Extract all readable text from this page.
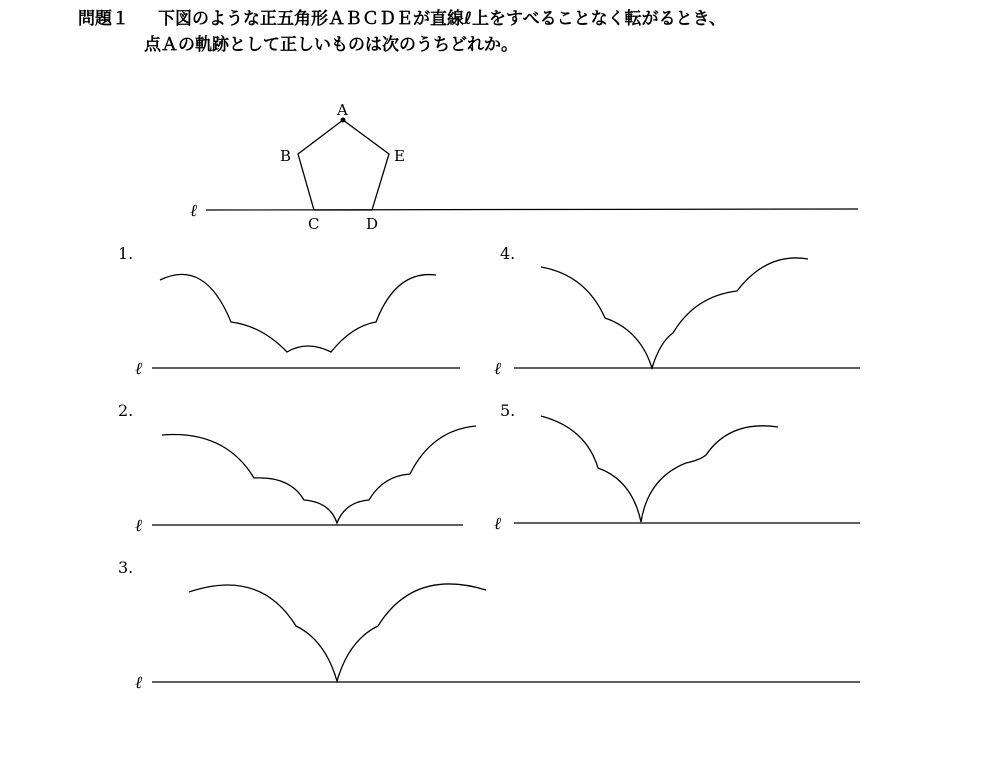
問題１ 下図のような正五角形ＡＢＣＤＥが直線ℓ上をすべることなく転がるとき、
点Ａの軌跡として正しいものは次のうちどれか。
A
B
C	D
E
ℓ
1.
ℓ
2.
ℓ
3.
ℓ
4.
ℓ
5.
ℓ
